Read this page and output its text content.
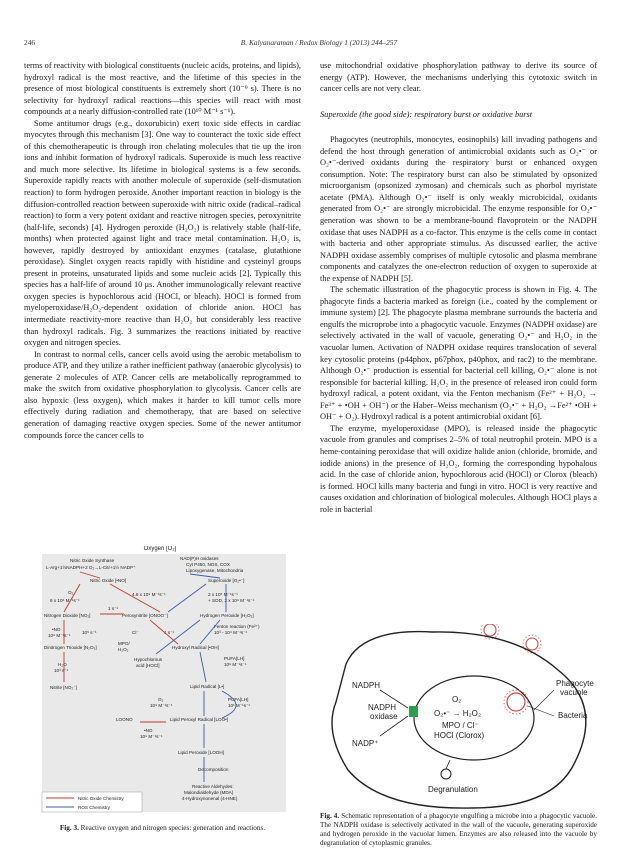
246	B. Kalyanaraman / Redox Biology 1 (2013) 244–257

terms of reactivity with biological constituents (nucleic acids, proteins, and lipids), hydroxyl radical is the most reactive, and the lifetime of this species in the presence of most biological constituents is extremely short (10⁻⁹ s). There is no selectivity for hydroxyl radical reactions—this species will react with most compounds at a nearly diffusion-controlled rate (10¹⁰ M⁻¹ s⁻¹).

Some antitumor drugs (e.g., doxorubicin) exert toxic side effects in cardiac myocytes through this mechanism [3]. One way to counteract the toxic side effect of this chemotherapeutic is through iron chelating molecules that tie up the iron ions and inhibit formation of hydroxyl radicals. Superoxide is much less reactive and much more selective. Its lifetime in biological systems is a few seconds. Superoxide rapidly reacts with another molecule of superoxide (self-dismutation reaction) to form hydrogen peroxide. Another important reaction in biology is the diffusion-controlled reaction between superoxide with nitric oxide (radical–radical reaction) to form a very potent oxidant and reactive nitrogen species, peroxynitrite (half-life, seconds) [4]. Hydrogen peroxide (H₂O₂) is relatively stable (half-life, months) when protected against light and trace metal contamination. H₂O₂ is, however, rapidly destroyed by antioxidant enzymes (catalase, glutathione peroxidase). Singlet oxygen reacts rapidly with histidine and cysteinyl groups present in proteins, unsaturated lipids and some nucleic acids [2]. Typically this species has a half-life of around 10 μs. Another immunologically relevant reactive oxygen species is hypochlorous acid (HOCl, or bleach). HOCl is formed from myeloperoxidase/H₂O₂-dependent oxidation of chloride anion. HOCl has intermediate reactivity-more reactive than H₂O₂ but considerably less reactive than hydroxyl radicals. Fig. 3 summarizes the reactions initiated by reactive oxygen and nitrogen species.

In contrast to normal cells, cancer cells avoid using the aerobic metabolism to produce ATP, and they utilize a rather inefficient pathway (anaerobic glycolysis) to generate 2 molecules of ATP. Cancer cells are metabolically reprogrammed to make the switch from oxidative phosphorylation to glycolysis. Cancer cells are also hypoxic (less oxygen), which makes it harder to kill tumor cells more effectively during radiation and chemotherapy, that are based on selective generation of damaging reactive oxygen species. Some of the newer antitumor compounds force the cancer cells to

use mitochondrial oxidative phosphorylation pathway to derive its source of energy (ATP). However, the mechanisms underlying this cytotoxic switch in cancer cells are not very clear.

Superoxide (the good side): respiratory burst or oxidative burst

Phagocytes (neutrophils, monocytes, eosinophils) kill invading pathogens and defend the host through generation of antimicrobial oxidants such as O₂•⁻ or O₂•⁻-derived oxidants during the respiratory burst or enhanced oxygen consumption. Note: The respiratory burst can also be stimulated by opsonized microorganism (opsonized zymosan) and chemicals such as phorbol myristate acetate (PMA). Although O₂•⁻ itself is only weakly microbicidal, oxidants generated from O₂•⁻ are strongly microbicidal. The enzyme responsible for O₂•⁻ generation was shown to be a membrane-bound flavoprotein or the NADPH oxidase that uses NADPH as a co-factor. This enzyme is the cells come in contact with bacteria and other appropriate stimulus. As discussed earlier, the active NADPH oxidase assembly comprises of multiple cytosolic and plasma membrane components and catalyzes the one-electron reduction of oxygen to superoxide at the expense of NADPH [5].

The schematic illustration of the phagocytic process is shown in Fig. 4. The phagocyte finds a bacteria marked as foreign (i.e., coated by the complement or immune system) [2]. The phagocyte plasma membrane surrounds the bacteria and engulfs the microprobe into a phagocytic vacuole. Enzymes (NADPH oxidase) are selectively activated in the wall of vacuole, generating O₂•⁻ and H₂O₂ in the vacuolar lumen. Activation of NADPH oxidase requires translocation of several key cytosolic proteins (p44phox, p67phox, p40phox, and rac2) to the membrane. Although O₂•⁻ production is essential for bacterial cell killing, O₂•⁻ alone is not responsible for bacterial killing. H₂O₂ in the presence of released iron could form hydroxyl radical, a potent oxidant, via the Fenton mechanism (Fe²⁺ + H₂O₂ → Fe³⁺ + •OH + OH⁻) or the Haber–Weiss mechanism (O₂•⁻ + H₂O₂ →Fe²⁺ •OH + OH⁻ + O₂). Hydroxyl radical is a potent antimicrobial oxidant [6].

The enzyme, myeloperoxidase (MPO), is released inside the phagocytic vacuole from granules and comprises 2–5% of total neutrophil protein. MPO is a heme-containing peroxidase that will oxidize halide anion (chloride, bromide, and iodide anions) in the presence of H₂O₂, forming the corresponding hypohalous acid. In the case of chloride anion, hypochlorous acid (HOCl) or Clorox (bleach) is formed. HOCl kills many bacteria and fungi in vitro. HOCl is very reactive and causes oxidation and chlorination of biological molecules. Although HOCl plays a role in bacterial

Oxygen [O₂]
Nitric Oxide Synthase
L-Arg+1½NADPH+2 O₂→L-Citr+1½ NADP⁺
NAD(P)H oxidases
Cyt P450, NOS, COX
Lipoxygenase, Mitochondria
Nitric Oxide [•NO]	Superoxide [O₂•⁻]
4.6 x 10⁹ M⁻¹s⁻¹
O₂
6 x 10⁶ M⁻¹s⁻¹
2 x 10⁵ M⁻¹s⁻¹
+ SOD, 2 x 10⁹ M⁻¹s⁻¹
Nitrogen Dioxide [NO₂]	Peroxynitrite [ONOO⁻]	Hydrogen Peroxide [H₂O₂]
1 s⁻¹
•NO
10⁹ M⁻¹s⁻¹
10⁵ s⁻¹	Cl⁻	1 s⁻¹
Fenton reaction (Fe²⁺)
10³ - 10⁴ M⁻¹s⁻¹
Dinitrogen Trioxide [N₂O₃]
MPO/
H₂O₂	Hydroxyl Radical [•OH]
H₂O
10³ s⁻¹
Hypochlorous
acid [HOCl]
PUFA[LH]
10⁹ M⁻¹s⁻¹
Nitrite [NO₂⁻]	Lipid Radical [L•]
O₂
10⁹ M⁻¹s⁻¹
PUFA[LH]
10¹ M⁻¹s⁻¹
LOONO	Lipid Peroxyl Radical [LOO•]
•NO
10⁹ M⁻¹s⁻¹
Lipid Peroxide [LOOH]
Decomposition
Reactive Aldehydes:
Malondialdehyde (MDA)
4-Hydroxynonenal (4-HNE)
Nitric Oxide Chemistry
ROS Chemistry
Fig. 3. Reactive oxygen and nitrogen species: generation and reactions.
NADPH
NADPH
oxidase
NADP⁺
O₂
O₂•⁻ → H₂O₂
MPO / Cl⁻
HOCl (Clorox)
Phagocyte
vacuole
Bacteria
Degranulation
Fig. 4. Schematic representation of a phagocyte engulfing a microbe into a phagocytic vacuole. The NADPH oxidase is selectively activated in the wall of the vacuole, generating superoxide and hydrogen peroxide in the vacuolar lumen. Enzymes are also released into the vacuole by degranulation of cytoplasmic granules.
